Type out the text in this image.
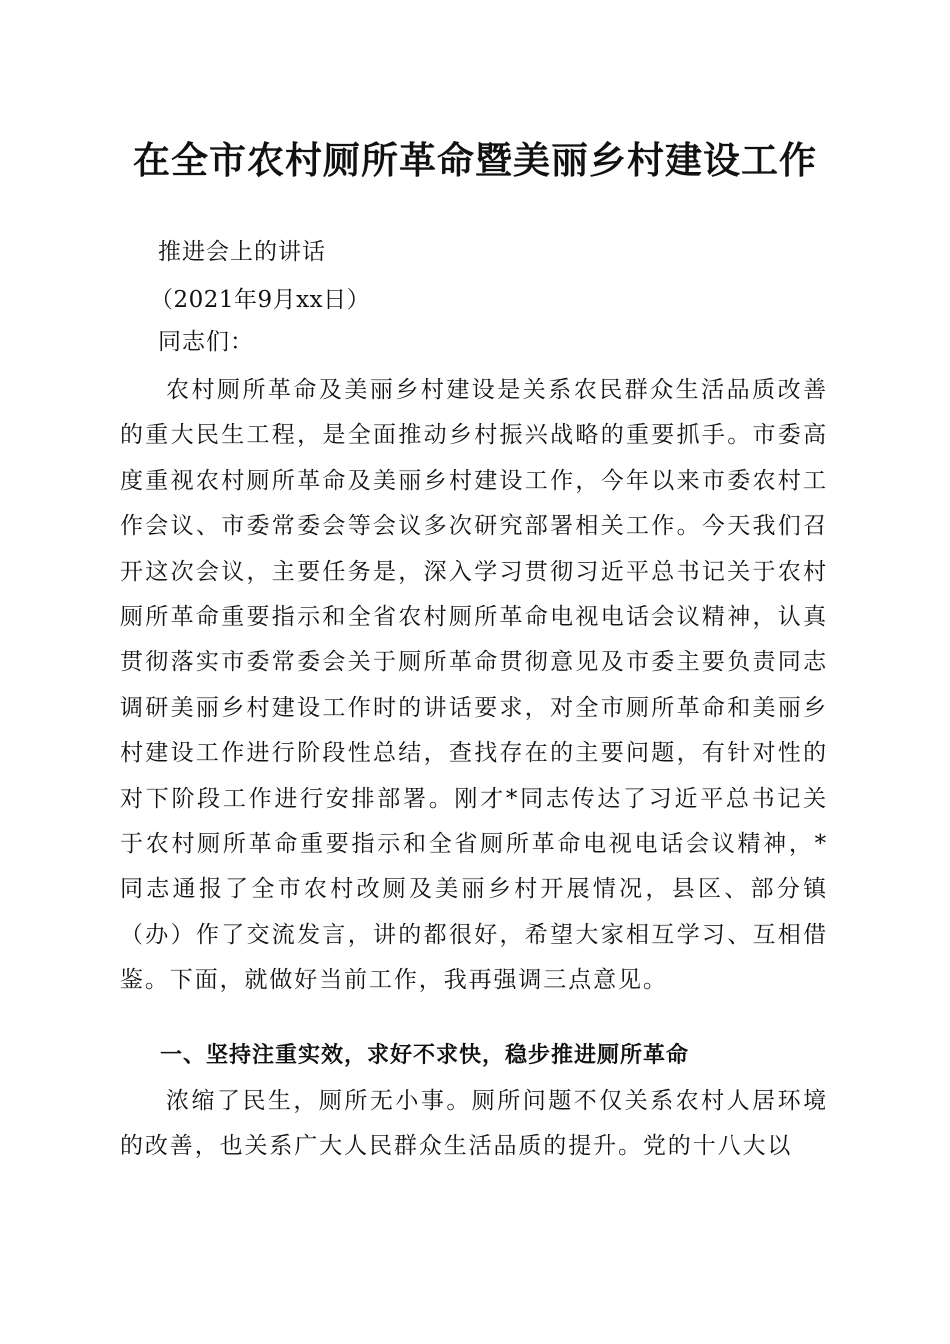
在全市农村厕所革命暨美丽乡村建设工作
推进会上的讲话
（2021年9月xx日）
同志们：

农村厕所革命及美丽乡村建设是关系农民群众生活品质改善的重大民生工程，是全面推动乡村振兴战略的重要抓手。市委高度重视农村厕所革命及美丽乡村建设工作，今年以来市委农村工作会议、市委常委会等会议多次研究部署相关工作。今天我们召开这次会议，主要任务是，深入学习贯彻习近平总书记关于农村厕所革命重要指示和全省农村厕所革命电视电话会议精神，认真贯彻落实市委常委会关于厕所革命贯彻意见及市委主要负责同志调研美丽乡村建设工作时的讲话要求，对全市厕所革命和美丽乡村建设工作进行阶段性总结，查找存在的主要问题，有针对性的对下阶段工作进行安排部署。刚才*同志传达了习近平总书记关于农村厕所革命重要指示和全省厕所革命电视电话会议精神，*同志通报了全市农村改厕及美丽乡村开展情况，县区、部分镇（办）作了交流发言，讲的都很好，希望大家相互学习、互相借鉴。下面，就做好当前工作，我再强调三点意见。

一、坚持注重实效，求好不求快，稳步推进厕所革命

浓缩了民生，厕所无小事。厕所问题不仅关系农村人居环境的改善，也关系广大人民群众生活品质的提升。党的十八大以
